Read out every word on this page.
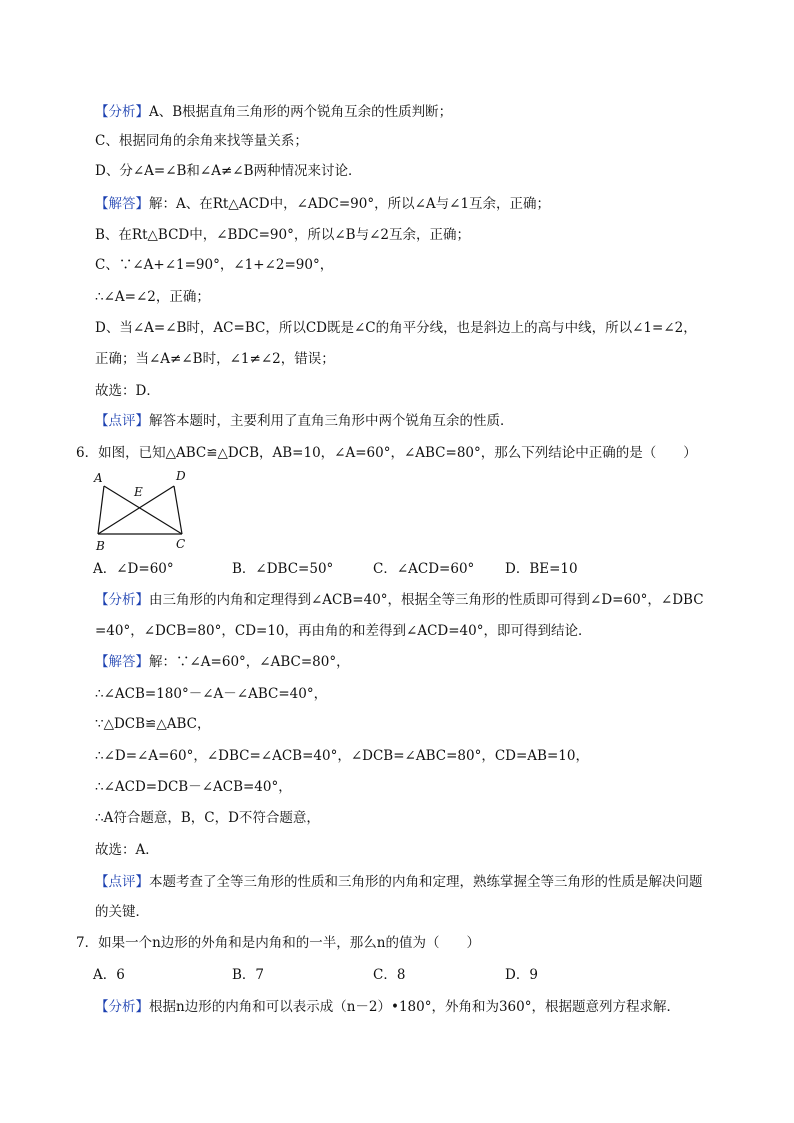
【分析】A、B根据直角三角形的两个锐角互余的性质判断；
C、根据同角的余角来找等量关系；
D、分∠A=∠B和∠A≠∠B两种情况来讨论．
【解答】解：A、在Rt△ACD中，∠ADC=90°，所以∠A与∠1互余，正确；
B、在Rt△BCD中，∠BDC=90°，所以∠B与∠2互余，正确；
C、∵∠A+∠1=90°，∠1+∠2=90°，
∴∠A=∠2，正确；
D、当∠A=∠B时，AC=BC，所以CD既是∠C的角平分线，也是斜边上的高与中线，所以∠1=∠2，
正确；当∠A≠∠B时，∠1≠∠2，错误；
故选：D．
【点评】解答本题时，主要利用了直角三角形中两个锐角互余的性质．
6．如图，已知△ABC≌△DCB，AB=10，∠A=60°，∠ABC=80°，那么下列结论中正确的是（　　）
A	D
E
B	C
A．∠D=60°	B．∠DBC=50°	C．∠ACD=60° D．BE=10
【分析】由三角形的内角和定理得到∠ACB=40°，根据全等三角形的性质即可得到∠D=60°，∠DBC
=40°，∠DCB=80°，CD=10，再由角的和差得到∠ACD=40°，即可得到结论．
【解答】解：∵∠A=60°，∠ABC=80°，
∴∠ACB=180°－∠A－∠ABC=40°，
∵△DCB≌△ABC，
∴∠D=∠A=60°，∠DBC=∠ACB=40°，∠DCB=∠ABC=80°，CD=AB=10，
∴∠ACD=DCB－∠ACB=40°，
∴A符合题意，B，C，D不符合题意，
故选：A．
【点评】本题考查了全等三角形的性质和三角形的内角和定理，熟练掌握全等三角形的性质是解决问题
的关键．
7．如果一个n边形的外角和是内角和的一半，那么n的值为（　　）
A．6	B．7	C．8	D．9
【分析】根据n边形的内角和可以表示成（n－2）•180°，外角和为360°，根据题意列方程求解．
